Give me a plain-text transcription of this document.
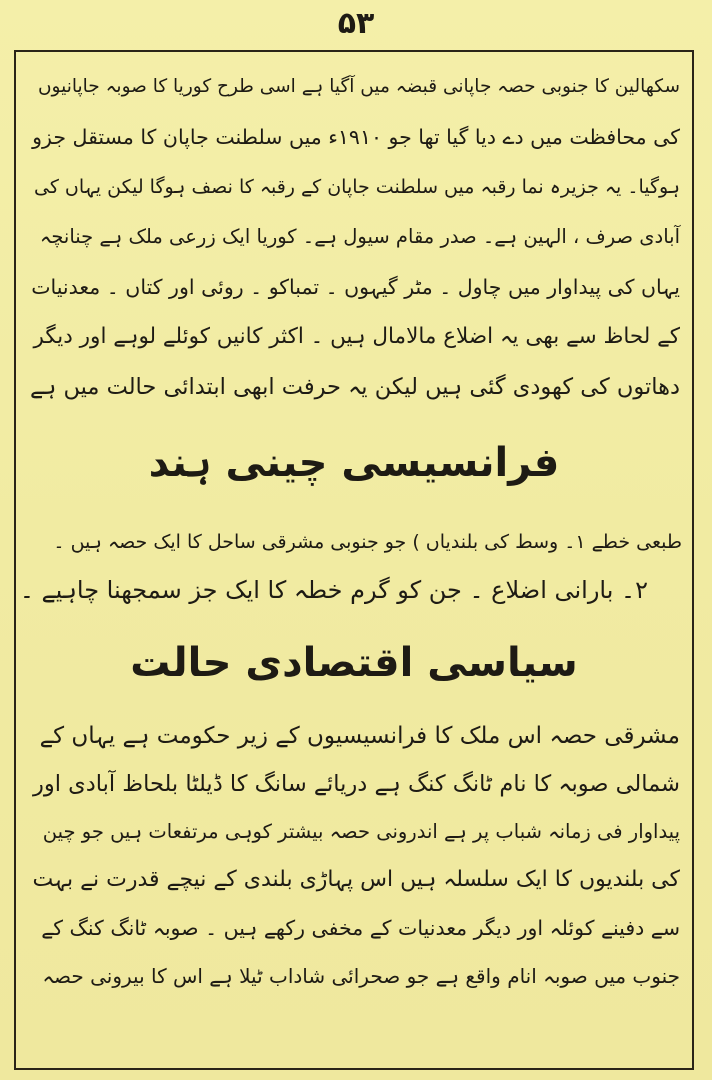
۵۳

سکھالین کا جنوبی حصہ جاپانی قبضہ میں آگیا ہے اسی طرح کوریا کا صوبہ جاپانیوں

کی محافظت میں دے دیا گیا تھا جو ۱۹۱۰ء میں سلطنت جاپان کا مستقل جزو

ہوگیا۔ یہ جزیرہ نما رقبہ میں سلطنت جاپان کے رقبہ کا نصف ہوگا لیکن یہاں کی

آبادی صرف ، الہین ہے۔ صدر مقام سیول ہے۔ کوریا ایک زرعی ملک ہے چنانچہ

یہاں کی پیداوار میں چاول ۔ مٹر گیہوں ۔ تمباکو ۔ روئی اور کتاں ۔ معدنیات

کے لحاظ سے بھی یہ اضلاع مالامال ہیں ۔ اکثر کانیں کوئلے لوہے اور دیگر

دھاتوں کی کھودی گئی ہیں لیکن یہ حرفت ابھی ابتدائی حالت میں ہے

فرانسیسی چینی ہند
طبعی خطے ۱۔ وسط کی بلندیاں ) جو جنوبی مشرقی ساحل کا ایک حصہ ہیں ۔
۲۔ بارانی اضلاع ۔ جن کو گرم خطہ کا ایک جز سمجھنا چاہیے ۔
سیاسی اقتصادی حالت

مشرقی حصہ اس ملک کا فرانسیسیوں کے زیر حکومت ہے یہاں کے

شمالی صوبہ کا نام ٹانگ کنگ ہے دریائے سانگ کا ڈیلٹا بلحاظ آبادی اور

پیداوار فی زمانہ شباب پر ہے اندرونی حصہ بیشتر کوہی مرتفعات ہیں جو چین

کی بلندیوں کا ایک سلسلہ ہیں اس پہاڑی بلندی کے نیچے قدرت نے بہت

سے دفینے کوئلہ اور دیگر معدنیات کے مخفی رکھے ہیں ۔ صوبہ ٹانگ کنگ کے

جنوب میں صوبہ انام واقع ہے جو صحرائی شاداب ٹیلا ہے اس کا بیرونی حصہ
